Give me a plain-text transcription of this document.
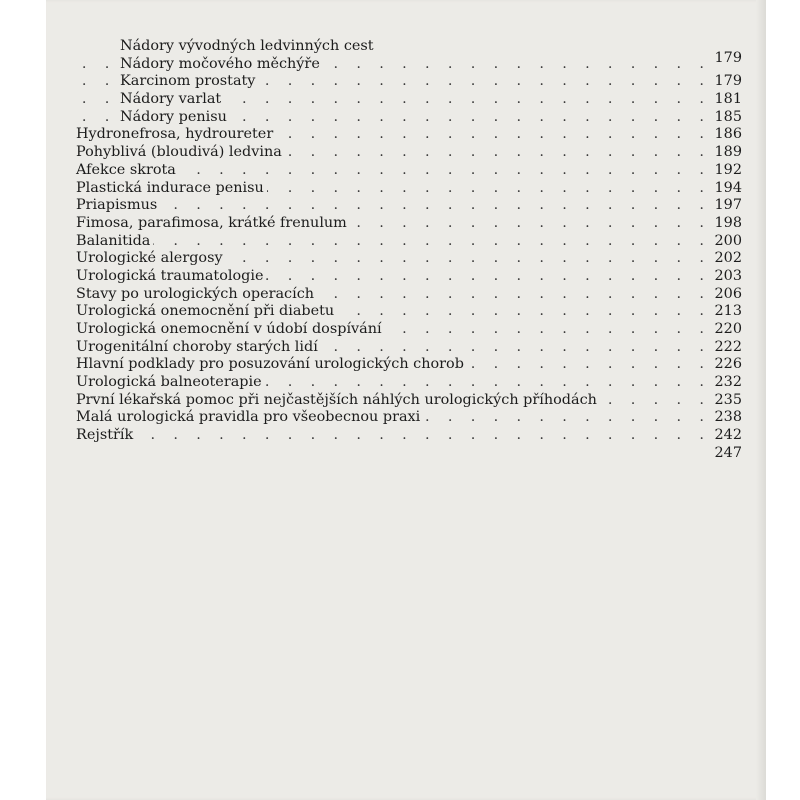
Nádory vývodných ledvinných cest
.
Nádory močového měchýře	179
.
Karcinom prostaty	179
.
Nádory varlat	181
.
Nádory penisu	185
.
Hydronefrosa, hydroureter	186
.
Pohyblivá (bloudivá) ledvina	189
.
Afekce skrota	192
.
Plastická indurace penisu	194
.
Priapismus	197
.
Fimosa, parafimosa, krátké frenulum	198
.
Balanitida	200
.
Urologické alergosy	202
.
Urologická traumatologie	203
.
Stavy po urologických operacích	206
.
Urologická onemocnění při diabetu	213
.
Urologická onemocnění v údobí dospívání	220
.
Urogenitální choroby starých lidí	222
.
Hlavní podklady pro posuzování urologických chorob	226
.
Urologická balneoterapie	232
.
První lékařská pomoc při nejčastějších náhlých urologických příhodách	235
.
Malá urologická pravidla pro všeobecnou praxi	238
.
Rejstřík	242
247
